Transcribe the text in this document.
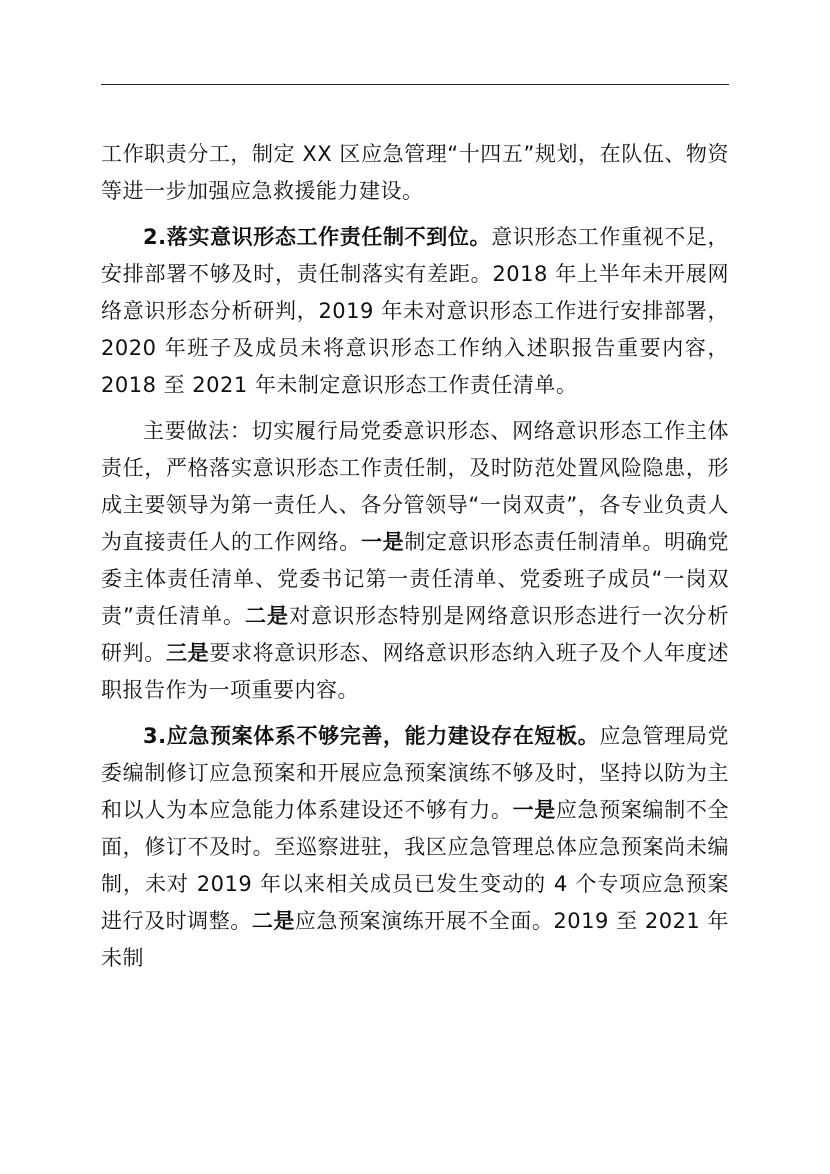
工作职责分工，制定 XX 区应急管理“十四五”规划，在队伍、物资等进一步加强应急救援能力建设。

2.落实意识形态工作责任制不到位。意识形态工作重视不足，安排部署不够及时，责任制落实有差距。2018 年上半年未开展网络意识形态分析研判，2019 年未对意识形态工作进行安排部署，2020 年班子及成员未将意识形态工作纳入述职报告重要内容，2018 至 2021 年未制定意识形态工作责任清单。

主要做法：切实履行局党委意识形态、网络意识形态工作主体责任，严格落实意识形态工作责任制，及时防范处置风险隐患，形成主要领导为第一责任人、各分管领导“一岗双责”，各专业负责人为直接责任人的工作网络。一是制定意识形态责任制清单。明确党委主体责任清单、党委书记第一责任清单、党委班子成员“一岗双责”责任清单。二是对意识形态特别是网络意识形态进行一次分析研判。三是要求将意识形态、网络意识形态纳入班子及个人年度述职报告作为一项重要内容。

3.应急预案体系不够完善，能力建设存在短板。应急管理局党委编制修订应急预案和开展应急预案演练不够及时，坚持以防为主和以人为本应急能力体系建设还不够有力。一是应急预案编制不全面，修订不及时。至巡察进驻，我区应急管理总体应急预案尚未编制，未对 2019 年以来相关成员已发生变动的 4 个专项应急预案进行及时调整。二是应急预案演练开展不全面。2019 至 2021 年未制
